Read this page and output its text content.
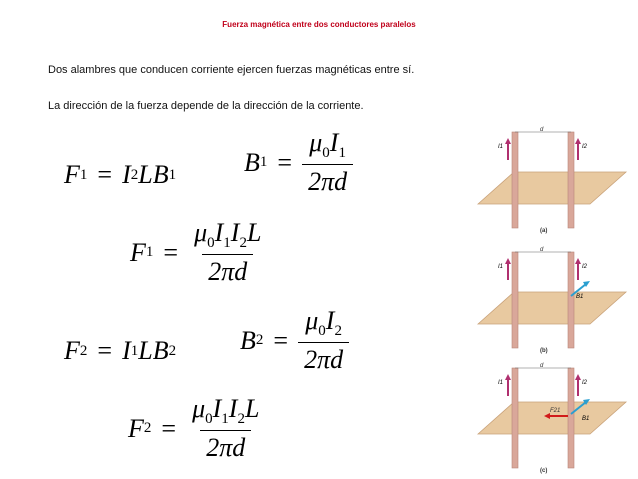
Fuerza magnética entre dos conductores paralelos
Dos alambres que conducen corriente ejercen fuerzas magnéticas entre sí.
La dirección de la fuerza depende de la dirección de la corriente.
F 1 = I 2 LB 1	B $1 = \frac{\mu_0I_1}{2\pi d}$
F $1 = \frac{\mu_0I_1I_2L}{2\pi d}$
F 2 = I 1 LB 2 B $2 = \frac{\mu_0I_2}{2\pi d}$
F $2 = \frac{\mu_0I_1I_2L}{2\pi d}$
d
I1	I2
(a)
d
I1	I2
B1
(b)
d
I1	I2
F21
B1
(c)
